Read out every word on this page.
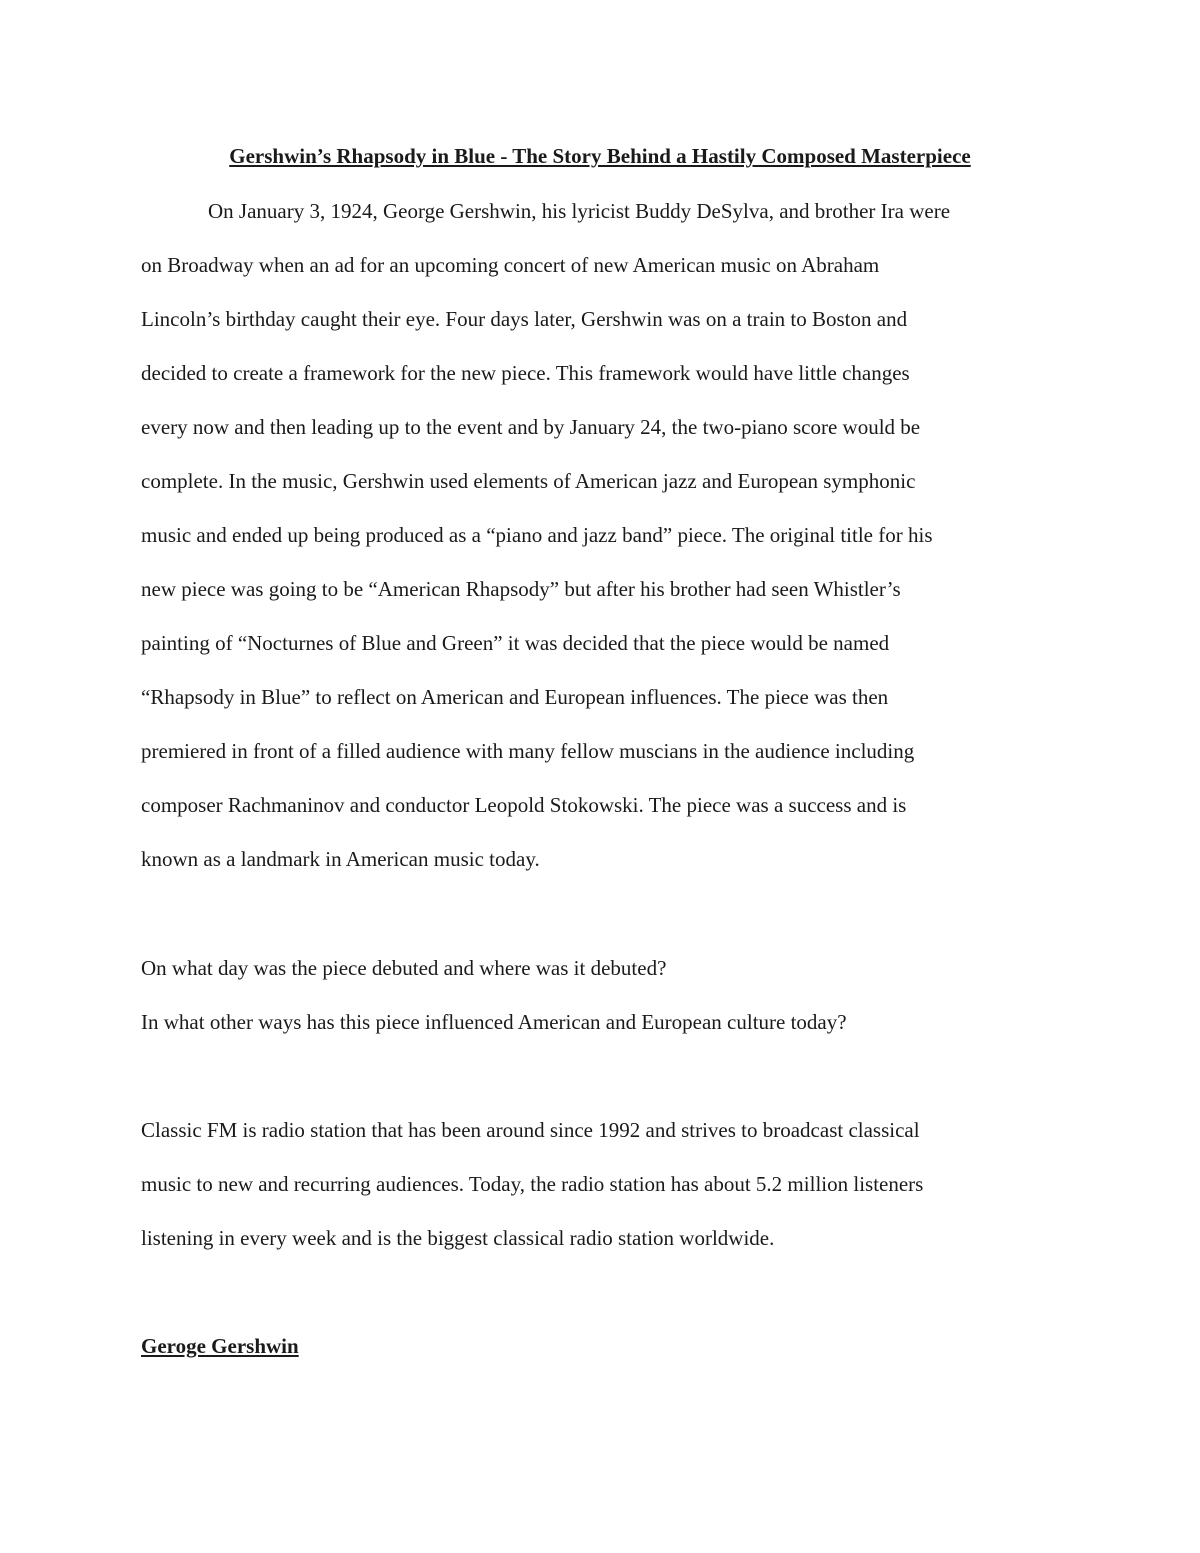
Gershwin’s Rhapsody in Blue - The Story Behind a Hastily Composed Masterpiece
On January 3, 1924, George Gershwin, his lyricist Buddy DeSylva, and brother Ira were
on Broadway when an ad for an upcoming concert of new American music on Abraham
Lincoln’s birthday caught their eye. Four days later, Gershwin was on a train to Boston and
decided to create a framework for the new piece. This framework would have little changes
every now and then leading up to the event and by January 24, the two-piano score would be
complete. In the music, Gershwin used elements of American jazz and European symphonic
music and ended up being produced as a “piano and jazz band” piece. The original title for his
new piece was going to be “American Rhapsody” but after his brother had seen Whistler’s
painting of “Nocturnes of Blue and Green” it was decided that the piece would be named
“Rhapsody in Blue” to reflect on American and European influences. The piece was then
premiered in front of a filled audience with many fellow muscians in the audience including
composer Rachmaninov and conductor Leopold Stokowski. The piece was a success and is
known as a landmark in American music today.
On what day was the piece debuted and where was it debuted?
In what other ways has this piece influenced American and European culture today?
Classic FM is radio station that has been around since 1992 and strives to broadcast classical
music to new and recurring audiences. Today, the radio station has about 5.2 million listeners
listening in every week and is the biggest classical radio station worldwide.
Geroge Gershwin
